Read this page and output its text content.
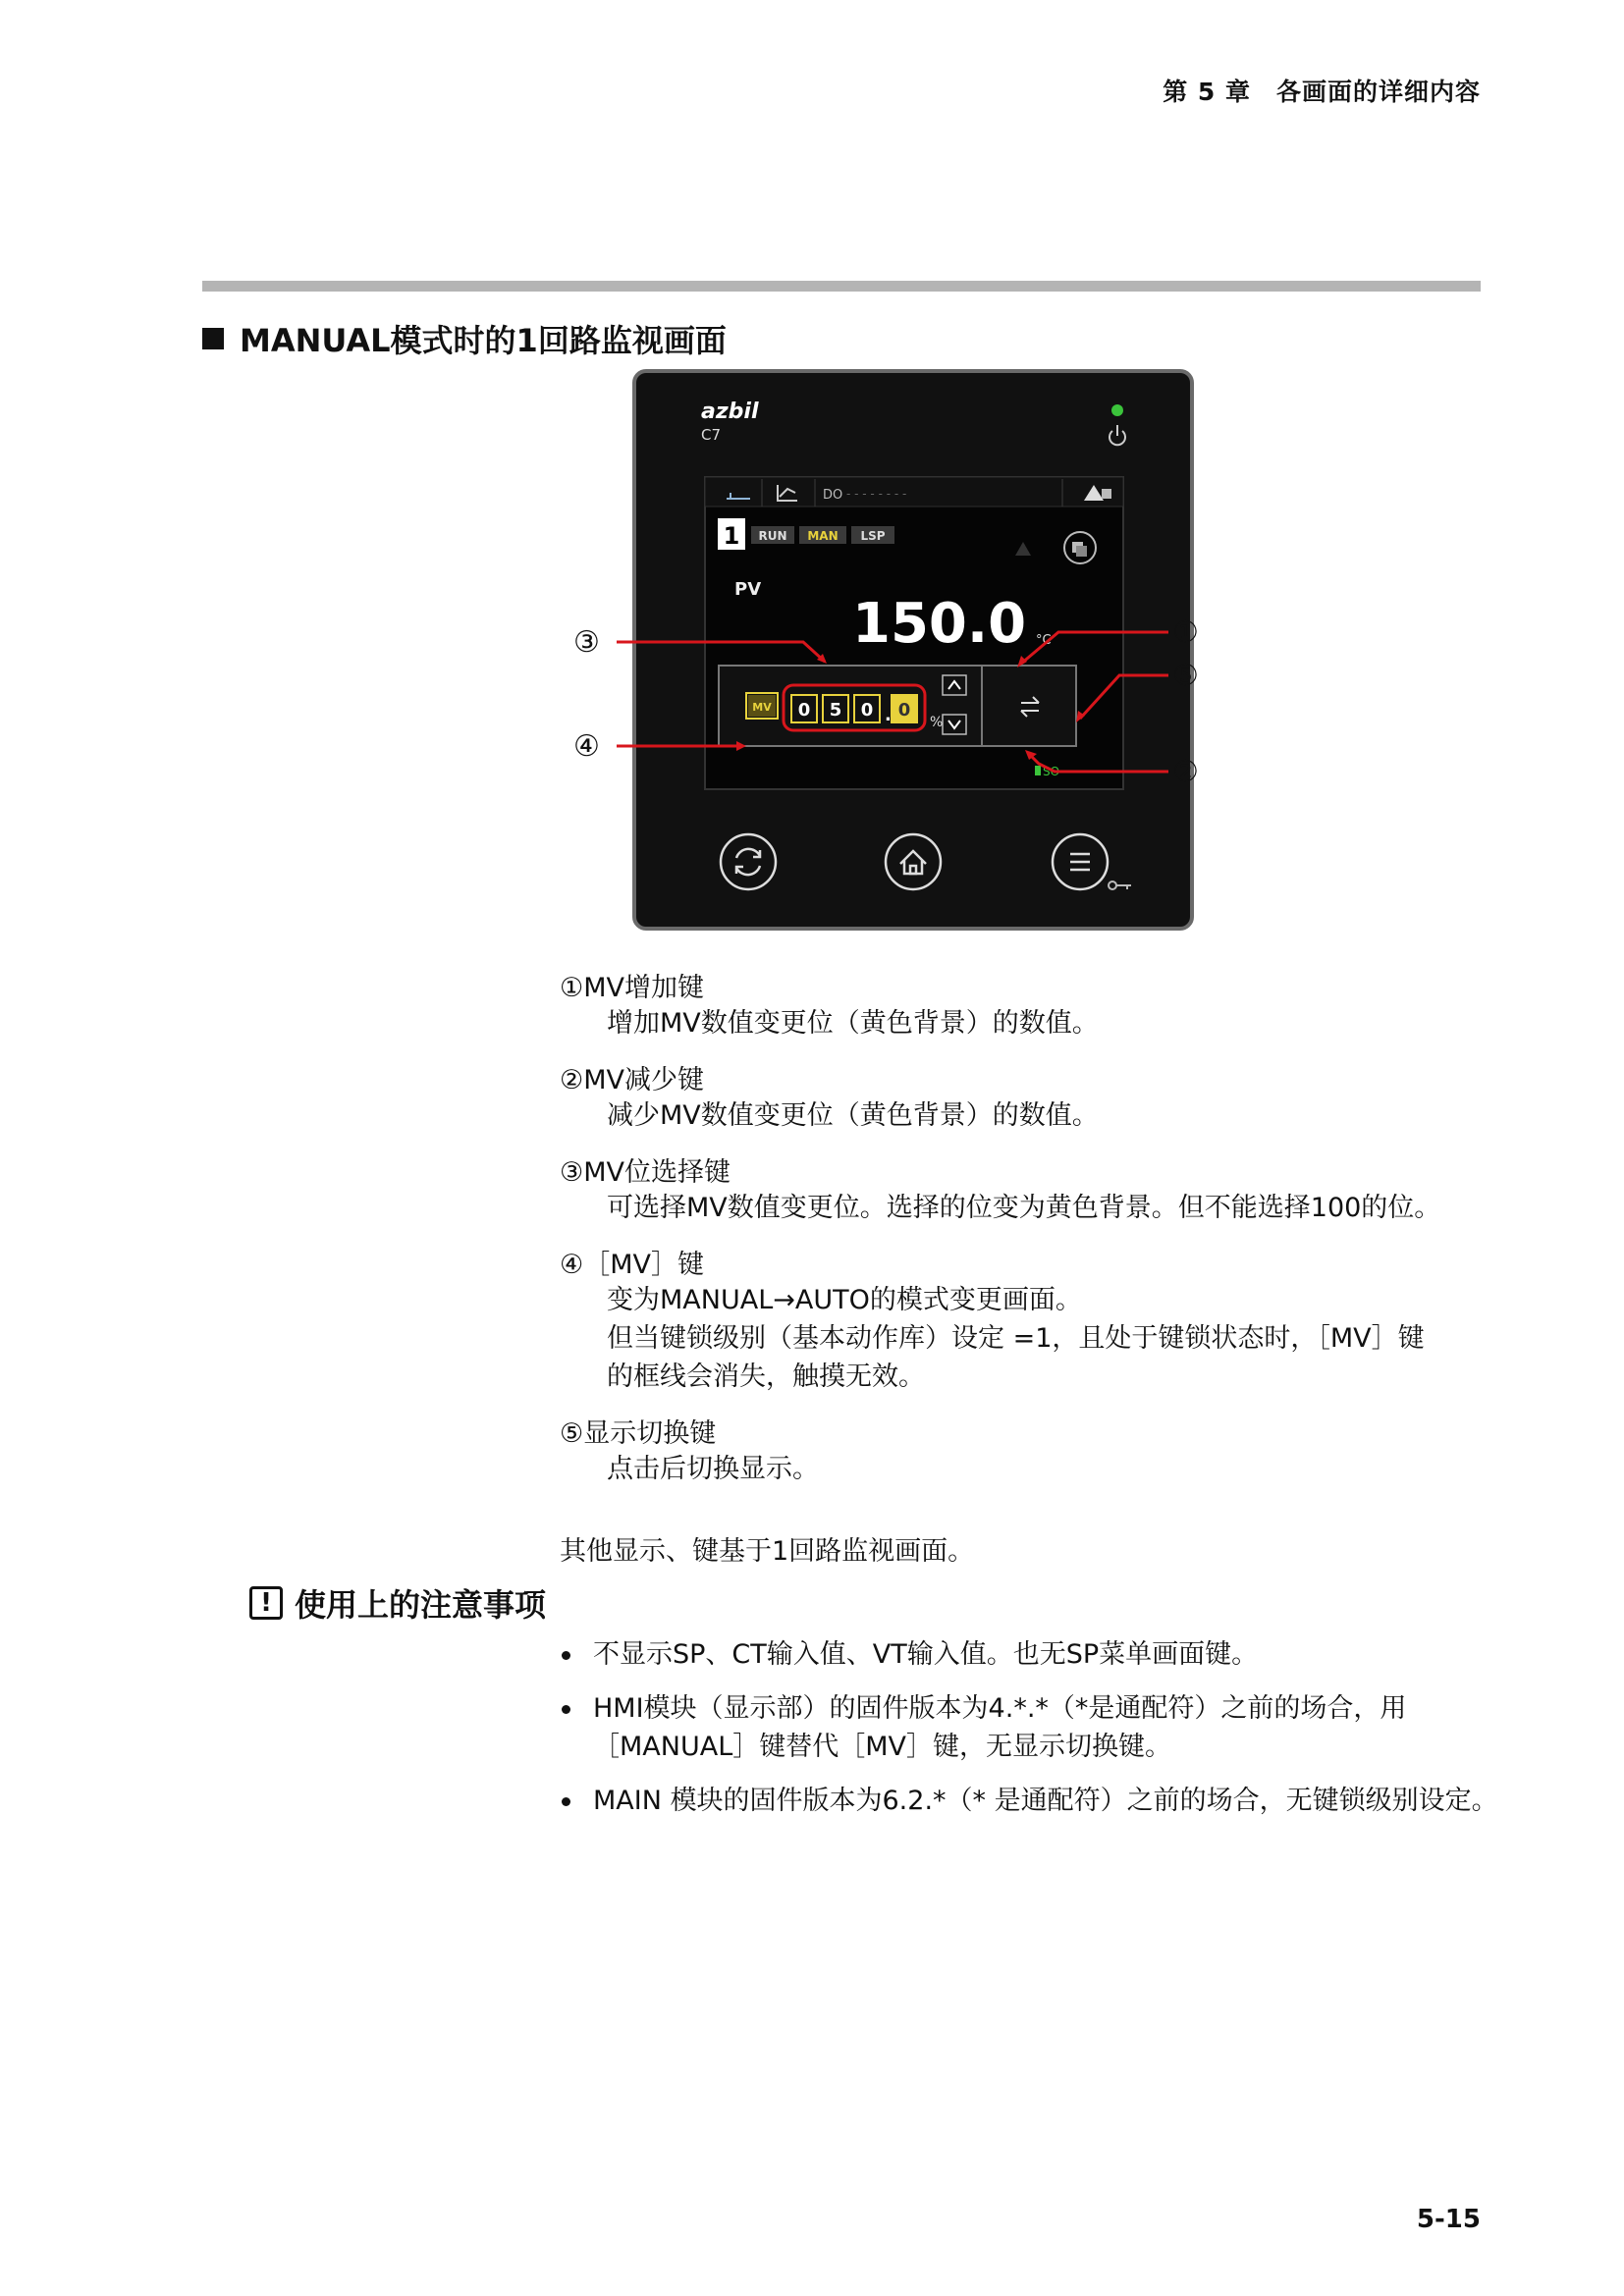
第 5 章　各画面的详细内容
MANUAL模式时的1回路监视画面
azbil
C7
DO - - - - - - - -
1 RUN MAN LSP
PV
150.0 °C
MV 0 5 0 . 0
%
SO
③
④
①
⑤
②
①MV增加键
增加MV数值变更位（黄色背景）的数值。
②MV减少键
减少MV数值变更位（黄色背景）的数值。
③MV位选择键
可选择MV数值变更位。选择的位变为黄色背景。但不能选择100的位。
④［MV］键
变为MANUAL→AUTO的模式变更画面。
但当键锁级别（基本动作库）设定 =1，且处于键锁状态时，［MV］键
的框线会消失，触摸无效。
⑤显示切换键
点击后切换显示。
其他显示、键基于1回路监视画面。
! 使用上的注意事项
不显示SP、CT输入值、VT输入值。也无SP菜单画面键。
HMI模块（显示部）的固件版本为4.*.*（*是通配符）之前的场合，用［MANUAL］键替代［MV］键，无显示切换键。
MAIN 模块的固件版本为6.2.*（* 是通配符）之前的场合，无键锁级别设定。
5-15
